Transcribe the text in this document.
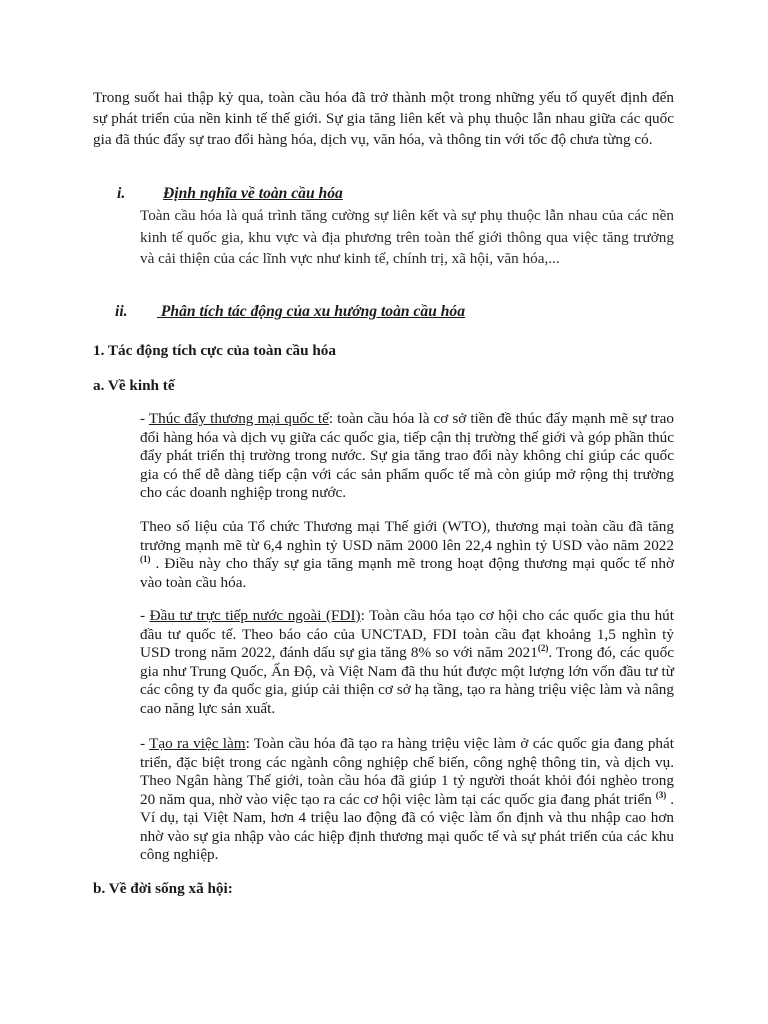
Trong suốt hai thập kỷ qua, toàn cầu hóa đã trở thành một trong những yếu tố quyết định đến sự phát triển của nền kinh tế thế giới. Sự gia tăng liên kết và phụ thuộc lẫn nhau giữa các quốc gia đã thúc đẩy sự trao đổi hàng hóa, dịch vụ, văn hóa, và thông tin với tốc độ chưa từng có.

i. Định nghĩa về toàn cầu hóa

Toàn cầu hóa là quá trình tăng cường sự liên kết và sự phụ thuộc lẫn nhau của các nền kinh tế quốc gia, khu vực và địa phương trên toàn thế giới thông qua việc tăng trưởng và cải thiện của các lĩnh vực như kinh tế, chính trị, xã hội, văn hóa,...

ii. Phân tích tác động của xu hướng toàn cầu hóa
1. Tác động tích cực của toàn cầu hóa
a. Về kinh tế

- Thúc đẩy thương mại quốc tế: toàn cầu hóa là cơ sở tiền đề thúc đẩy mạnh mẽ sự trao đổi hàng hóa và dịch vụ giữa các quốc gia, tiếp cận thị trường thế giới và góp phần thúc đẩy phát triển thị trường trong nước. Sự gia tăng trao đổi này không chỉ giúp các quốc gia có thể dễ dàng tiếp cận với các sản phẩm quốc tế mà còn giúp mở rộng thị trường cho các doanh nghiệp trong nước.

Theo số liệu của Tổ chức Thương mại Thế giới (WTO), thương mại toàn cầu đã tăng trưởng mạnh mẽ từ 6,4 nghìn tỷ USD năm 2000 lên 22,4 nghìn tỷ USD vào năm 2022 $^{(1)}$ . Điều này cho thấy sự gia tăng mạnh mẽ trong hoạt động thương mại quốc tế nhờ vào toàn cầu hóa.

- Đầu tư trực tiếp nước ngoài (FDI): Toàn cầu hóa tạo cơ hội cho các quốc gia thu hút đầu tư quốc tế. Theo báo cáo của UNCTAD, FDI toàn cầu đạt khoảng 1,5 nghìn tỷ USD trong năm 2022, đánh dấu sự gia tăng 8% so với năm 2021$^{(2)}$. Trong đó, các quốc gia như Trung Quốc, Ấn Độ, và Việt Nam đã thu hút được một lượng lớn vốn đầu tư từ các công ty đa quốc gia, giúp cải thiện cơ sở hạ tầng, tạo ra hàng triệu việc làm và nâng cao năng lực sản xuất.

- Tạo ra việc làm: Toàn cầu hóa đã tạo ra hàng triệu việc làm ở các quốc gia đang phát triển, đặc biệt trong các ngành công nghiệp chế biến, công nghệ thông tin, và dịch vụ. Theo Ngân hàng Thế giới, toàn cầu hóa đã giúp 1 tỷ người thoát khỏi đói nghèo trong 20 năm qua, nhờ vào việc tạo ra các cơ hội việc làm tại các quốc gia đang phát triển $^{(3)}$ . Ví dụ, tại Việt Nam, hơn 4 triệu lao động đã có việc làm ổn định và thu nhập cao hơn nhờ vào sự gia nhập vào các hiệp định thương mại quốc tế và sự phát triển của các khu công nghiệp.

b. Về đời sống xã hội:
